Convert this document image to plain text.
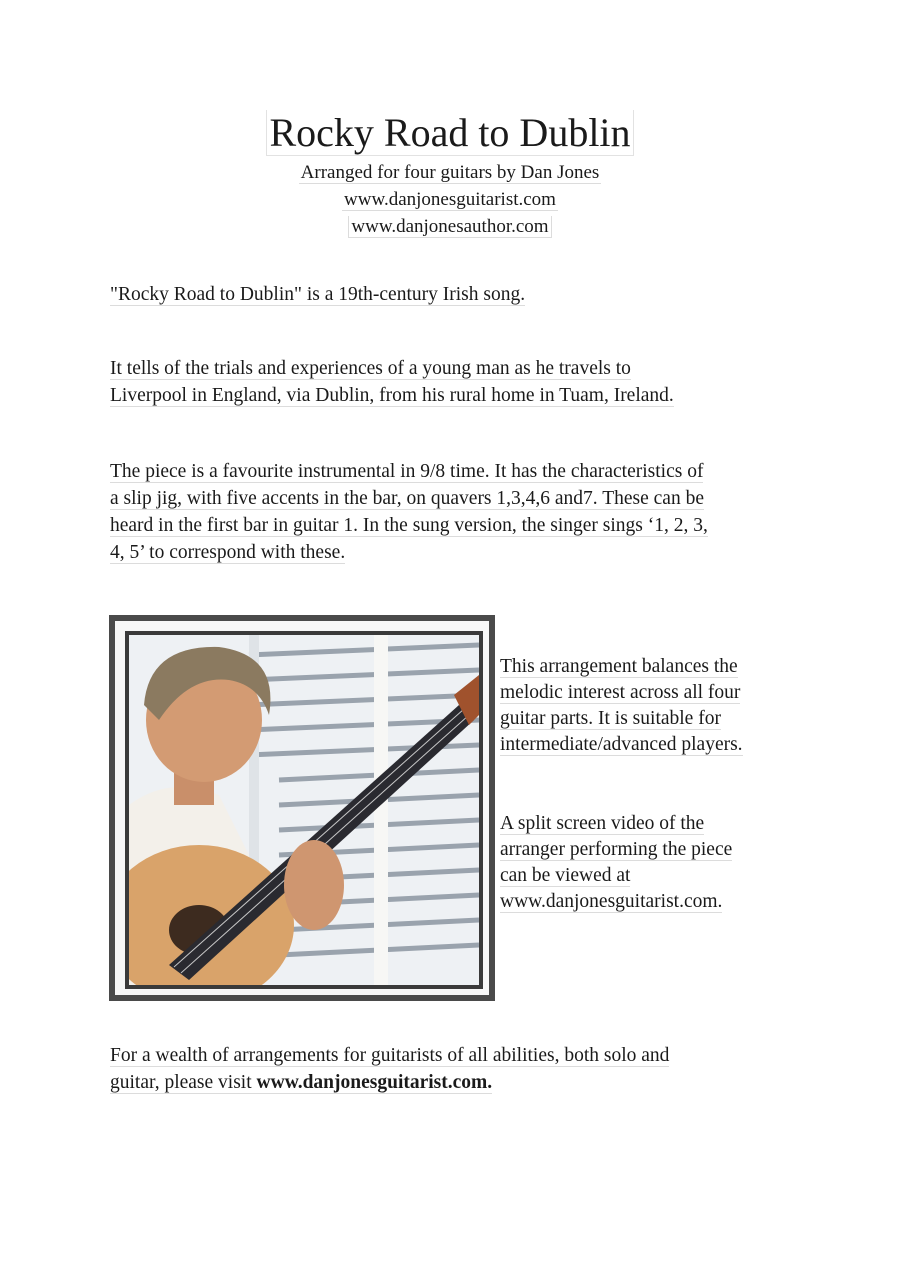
Rocky Road to Dublin
Arranged for four guitars by Dan Jones
www.danjonesguitarist.com
www.danjonesauthor.com
"Rocky Road to Dublin" is a 19th-century Irish song.
It tells of the trials and experiences of a young man as he travels to
Liverpool in England, via Dublin, from his rural home in Tuam, Ireland.
The piece is a favourite instrumental in 9/8 time. It has the characteristics of
a slip jig, with five accents in the bar, on quavers 1,3,4,6 and7. These can be
heard in the first bar in guitar 1. In the sung version, the singer sings ‘1, 2, 3,
4, 5’ to correspond with these.
This arrangement balances the
melodic interest across all four
guitar parts. It is suitable for
intermediate/advanced players.
A split screen video of the
arranger performing the piece
can be viewed at
www.danjonesguitarist.com.
For a wealth of arrangements for guitarists of all abilities, both solo and
guitar, please visit www.danjonesguitarist.com.
